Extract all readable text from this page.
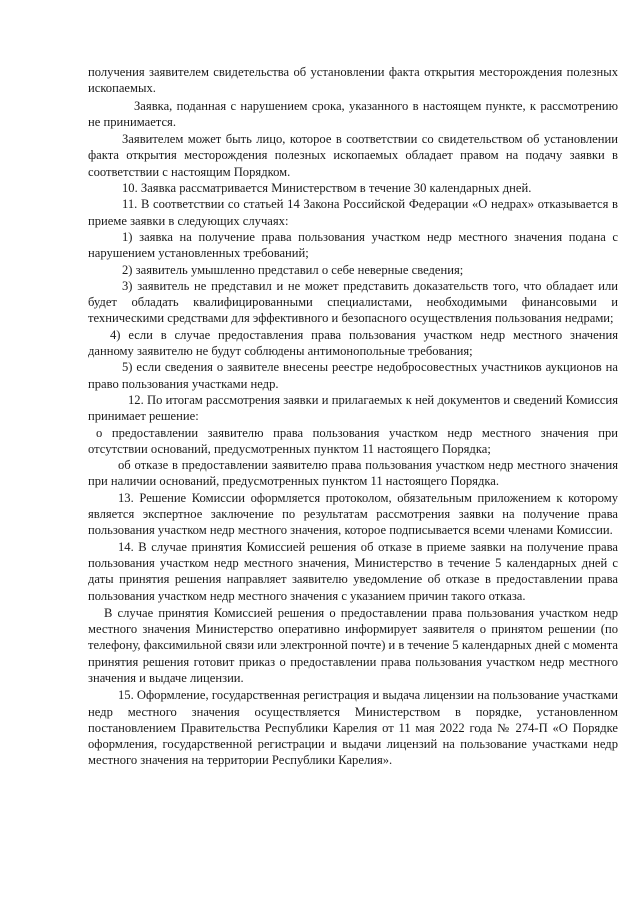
получения заявителем свидетельства об установлении факта открытия месторождения полезных ископаемых.

Заявка, поданная с нарушением срока, указанного в настоящем пункте, к рассмотрению не принимается.

Заявителем может быть лицо, которое в соответствии со свидетельством об установлении факта открытия месторождения полезных ископаемых обладает правом на подачу заявки в соответствии с настоящим Порядком.

10. Заявка рассматривается Министерством в течение 30 календарных дней.

11. В соответствии со статьей 14 Закона Российской Федерации «О недрах» отказывается в приеме заявки в следующих случаях:

1) заявка на получение права пользования участком недр местного значения подана с нарушением установленных требований;

2) заявитель умышленно представил о себе неверные сведения;

3) заявитель не представил и не может представить доказательств того, что обладает или будет обладать квалифицированными специалистами, необходимыми финансовыми и техническими средствами для эффективного и безопасного осуществления пользования недрами;

4) если в случае предоставления права пользования участком недр местного значения данному заявителю не будут соблюдены антимонопольные требования;

5) если сведения о заявителе внесены реестре недобросовестных участников аукционов на право пользования участками недр.

12. По итогам рассмотрения заявки и прилагаемых к ней документов и сведений Комиссия принимает решение:

о предоставлении заявителю права пользования участком недр местного значения при отсутствии оснований, предусмотренных пунктом 11 настоящего Порядка;

об отказе в предоставлении заявителю права пользования участком недр местного значения при наличии оснований, предусмотренных пунктом 11 настоящего Порядка.

13. Решение Комиссии оформляется протоколом, обязательным приложением к которому является экспертное заключение по результатам рассмотрения заявки на получение права пользования участком недр местного значения, которое подписывается всеми членами Комиссии.

14. В случае принятия Комиссией решения об отказе в приеме заявки на получение права пользования участком недр местного значения, Министерство в течение 5 календарных дней с даты принятия решения направляет заявителю уведомление об отказе в предоставлении права пользования участком недр местного значения с указанием причин такого отказа.

В случае принятия Комиссией решения о предоставлении права пользования участком недр местного значения Министерство оперативно информирует заявителя о принятом решении (по телефону, факсимильной связи или электронной почте) и в течение 5 календарных дней с момента принятия решения готовит приказ о предоставлении права пользования участком недр местного значения и выдаче лицензии.

15. Оформление, государственная регистрация и выдача лицензии на пользование участками недр местного значения осуществляется Министерством в порядке, установленном постановлением Правительства Республики Карелия от 11 мая 2022 года № 274-П «О Порядке оформления, государственной регистрации и выдачи лицензий на пользование участками недр местного значения на территории Республики Карелия».
